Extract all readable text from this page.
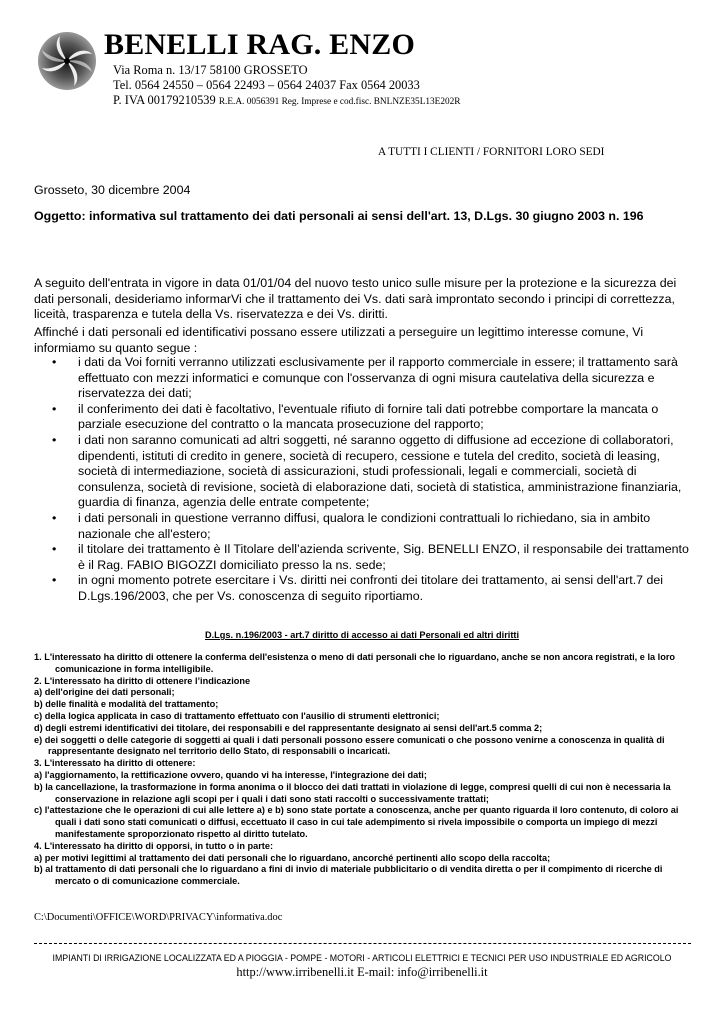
BENELLI RAG. ENZO
Via Roma n. 13/17 58100 GROSSETO
Tel. 0564 24550 – 0564 22493 – 0564 24037 Fax 0564 20033
P. IVA 00179210539 R.E.A. 0056391 Reg. Imprese e cod.fisc. BNLNZE35L13E202R
A TUTTI I CLIENTI / FORNITORI LORO SEDI
Grosseto, 30 dicembre 2004
Oggetto: informativa sul trattamento dei dati personali ai sensi dell'art. 13, D.Lgs. 30 giugno 2003 n. 196
A seguito dell'entrata in vigore in data 01/01/04 del nuovo testo unico sulle misure per la protezione e la sicurezza dei dati personali, desideriamo informarVi che il trattamento dei Vs. dati sarà improntato secondo i principi di correttezza, liceità, trasparenza e tutela della Vs. riservatezza e dei Vs. diritti.
Affinché i dati personali ed identificativi possano essere utilizzati a perseguire un legittimo interesse comune, Vi informiamo su quanto segue :
• i dati da Voi forniti verranno utilizzati esclusivamente per il rapporto commerciale in essere; il trattamento sarà effettuato con mezzi informatici e comunque con l'osservanza di ogni misura cautelativa della sicurezza e riservatezza dei dati;
• il conferimento dei dati è facoltativo, l'eventuale rifiuto di fornire tali dati potrebbe comportare la mancata o parziale esecuzione del contratto o la mancata prosecuzione del rapporto;
• i dati non saranno comunicati ad altri soggetti, né saranno oggetto di diffusione ad eccezione di collaboratori, dipendenti, istituti di credito in genere, società di recupero, cessione e tutela del credito, società di leasing, società di intermediazione, società di assicurazioni, studi professionali, legali e commerciali, società di consulenza, società di revisione, società di elaborazione dati, società di statistica, amministrazione finanziaria, guardia di finanza, agenzia delle entrate competente;
• i dati personali in questione verranno diffusi, qualora le condizioni contrattuali lo richiedano, sia in ambito nazionale che all'estero;
• il titolare dei trattamento è Il Titolare dell’azienda scrivente, Sig. BENELLI ENZO, il responsabile dei trattamento è il Rag. FABIO BIGOZZI domiciliato presso la ns. sede;
• in ogni momento potrete esercitare i Vs. diritti nei confronti dei titolare dei trattamento, ai sensi dell'art.7 dei D.Lgs.196/2003, che per Vs. conoscenza di seguito riportiamo.
D.Lgs. n.196/2003 - art.7 diritto di accesso ai dati Personali ed altri diritti
1. L'interessato ha diritto di ottenere la conferma dell'esistenza o meno di dati personali che lo riguardano, anche se non ancora registrati, e la loro comunicazione in forma intelligibile.
2. L'interessato ha diritto di ottenere l’indicazione
a) dell'origine dei dati personali;
b) delle finalità e modalità del trattamento;
c) della logica applicata in caso di trattamento effettuato con l'ausilio di strumenti elettronici;
d) degli estremi identificativi dei titolare, dei responsabili e del rappresentante designato ai sensi dell'art.5 comma 2;
e) dei soggetti o delle categorie di soggetti ai quali i dati personali possono essere comunicati o che possono venirne a conoscenza in qualità di rappresentante designato nel territorio dello Stato, di responsabili o incaricati.
3. L'interessato ha diritto di ottenere:
a) l'aggiornamento, la rettificazione ovvero, quando vi ha interesse, l'integrazione dei dati;
b) la cancellazione, la trasformazione in forma anonima o il blocco dei dati trattati in violazione di legge, compresi quelli di cui non è necessaria la conservazione in relazione agli scopi per i quali i dati sono stati raccolti o successivamente trattati;
c) l'attestazione che le operazioni di cui alle lettere a) e b) sono state portate a conoscenza, anche per quanto riguarda il loro contenuto, di coloro ai quali i dati sono stati comunicati o diffusi, eccettuato il caso in cui tale adempimento si rivela impossibile o comporta un impiego di mezzi manifestamente sproporzionato rispetto al diritto tutelato.
4. L'interessato ha diritto di opporsi, in tutto o in parte:
a) per motivi legittimi al trattamento dei dati personali che lo riguardano, ancorché pertinenti allo scopo della raccolta;
b) al trattamento di dati personali che lo riguardano a fini di invio di materiale pubblicitario o di vendita diretta o per il compimento di ricerche di mercato o di comunicazione commerciale.
C:\Documenti\OFFICE\WORD\PRIVACY\informativa.doc
IMPIANTI DI IRRIGAZIONE LOCALIZZATA ED A PIOGGIA - POMPE - MOTORI - ARTICOLI ELETTRICI E TECNICI PER USO INDUSTRIALE ED AGRICOLO
http://www.irribenelli.it E-mail: info@irribenelli.it
